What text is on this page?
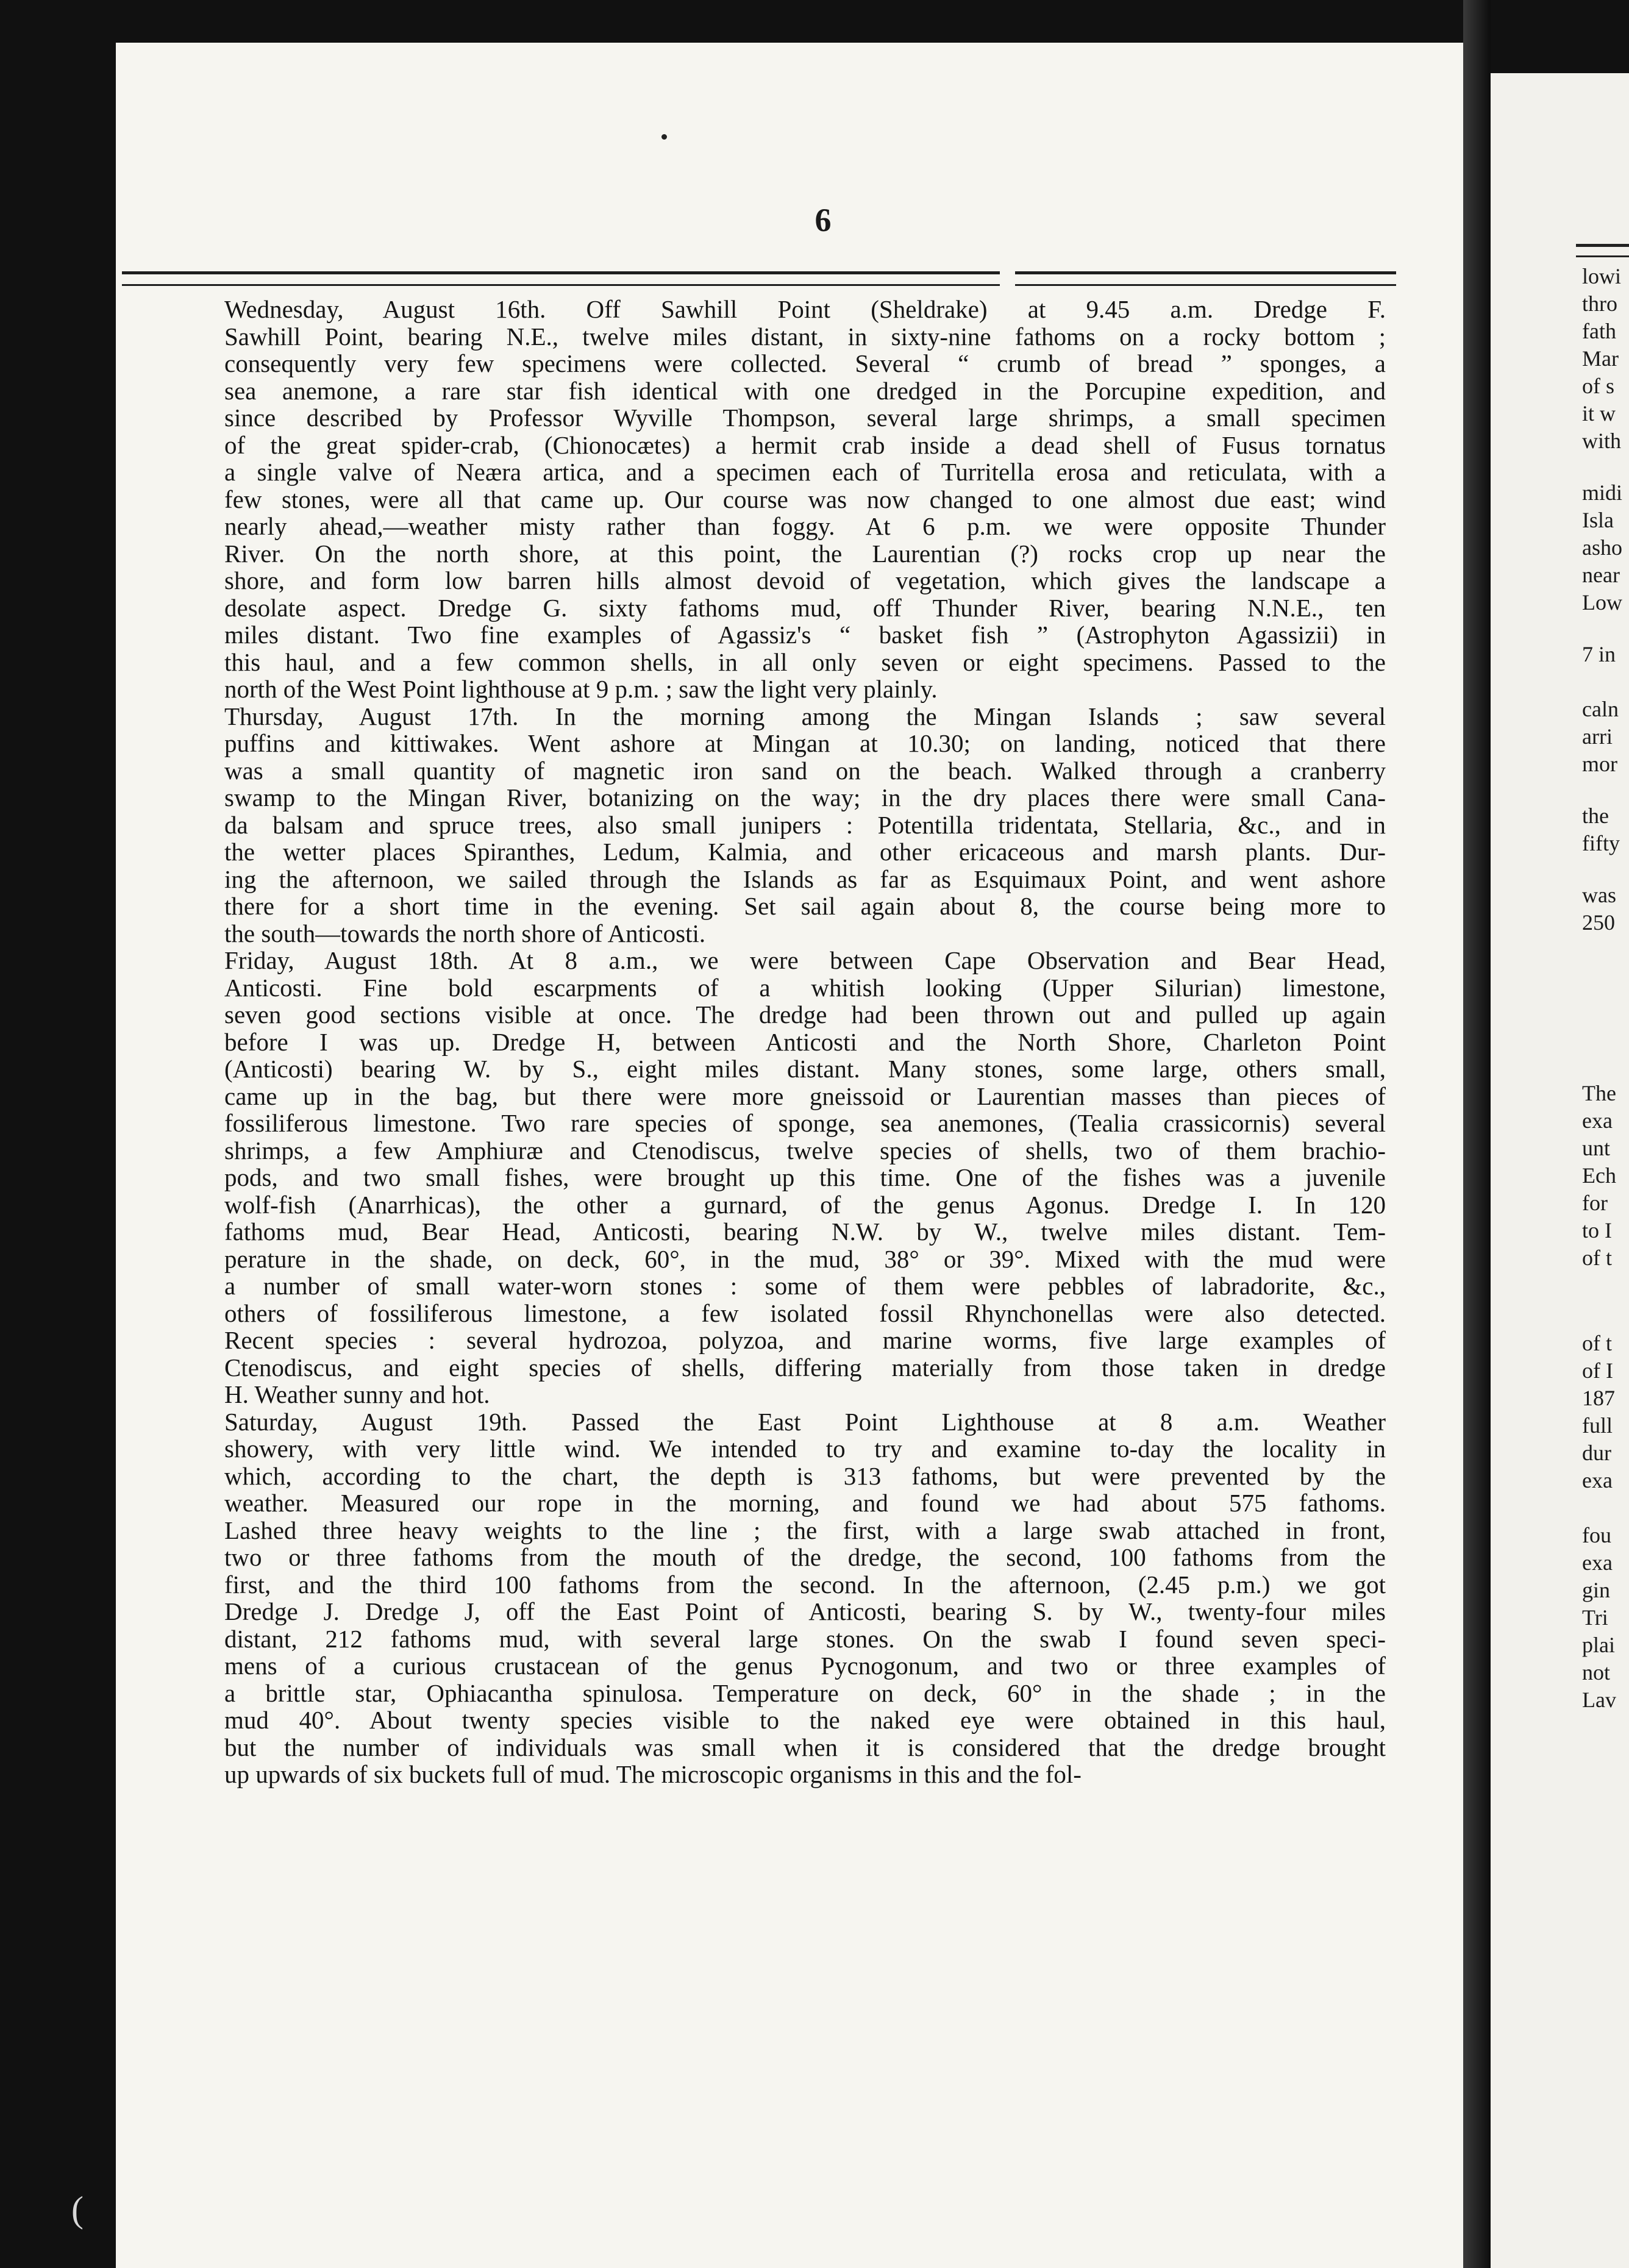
lowi
thro
fath
Mar
of s
it w
with
midi
Isla
asho
near
Low
7 in
caln
arri
mor
the
fifty
was
250
The
exa
unt
Ech
for
to I
of t
of t
of I
187
full
dur
exa
fou
exa
gin
Tri
plai
not
Lav
6
Wednesday, August 16th. Off Sawhill Point (Sheldrake) at 9.45 a.m. Dredge F.
Sawhill Point, bearing N.E., twelve miles distant, in sixty-nine fathoms on a rocky bottom ;
consequently very few specimens were collected. Several “ crumb of bread ” sponges, a
sea anemone, a rare star fish identical with one dredged in the Porcupine expedition, and
since described by Professor Wyville Thompson, several large shrimps, a small specimen
of the great spider-crab, (Chionocætes) a hermit crab inside a dead shell of Fusus tornatus
a single valve of Neæra artica, and a specimen each of Turritella erosa and reticulata, with a
few stones, were all that came up. Our course was now changed to one almost due east; wind
nearly ahead,—weather misty rather than foggy. At 6 p.m. we were opposite Thunder
River. On the north shore, at this point, the Laurentian (?) rocks crop up near the
shore, and form low barren hills almost devoid of vegetation, which gives the landscape a
desolate aspect. Dredge G. sixty fathoms mud, off Thunder River, bearing N.N.E., ten
miles distant. Two fine examples of Agassiz's “ basket fish ” (Astrophyton Agassizii) in
this haul, and a few common shells, in all only seven or eight specimens. Passed to the
north of the West Point lighthouse at 9 p.m. ; saw the light very plainly.
Thursday, August 17th. In the morning among the Mingan Islands ; saw several
puffins and kittiwakes. Went ashore at Mingan at 10.30; on landing, noticed that there
was a small quantity of magnetic iron sand on the beach. Walked through a cranberry
swamp to the Mingan River, botanizing on the way; in the dry places there were small Cana-
da balsam and spruce trees, also small junipers : Potentilla tridentata, Stellaria, &c., and in
the wetter places Spiranthes, Ledum, Kalmia, and other ericaceous and marsh plants. Dur-
ing the afternoon, we sailed through the Islands as far as Esquimaux Point, and went ashore
there for a short time in the evening. Set sail again about 8, the course being more to
the south—towards the north shore of Anticosti.
Friday, August 18th. At 8 a.m., we were between Cape Observation and Bear Head,
Anticosti. Fine bold escarpments of a whitish looking (Upper Silurian) limestone,
seven good sections visible at once. The dredge had been thrown out and pulled up again
before I was up. Dredge H, between Anticosti and the North Shore, Charleton Point
(Anticosti) bearing W. by S., eight miles distant. Many stones, some large, others small,
came up in the bag, but there were more gneissoid or Laurentian masses than pieces of
fossiliferous limestone. Two rare species of sponge, sea anemones, (Tealia crassicornis) several
shrimps, a few Amphiuræ and Ctenodiscus, twelve species of shells, two of them brachio-
pods, and two small fishes, were brought up this time. One of the fishes was a juvenile
wolf-fish (Anarrhicas), the other a gurnard, of the genus Agonus. Dredge I. In 120
fathoms mud, Bear Head, Anticosti, bearing N.W. by W., twelve miles distant. Tem-
perature in the shade, on deck, 60°, in the mud, 38° or 39°. Mixed with the mud were
a number of small water-worn stones : some of them were pebbles of labradorite, &c.,
others of fossiliferous limestone, a few isolated fossil Rhynchonellas were also detected.
Recent species : several hydrozoa, polyzoa, and marine worms, five large examples of
Ctenodiscus, and eight species of shells, differing materially from those taken in dredge
H. Weather sunny and hot.
Saturday, August 19th. Passed the East Point Lighthouse at 8 a.m. Weather
showery, with very little wind. We intended to try and examine to-day the locality in
which, according to the chart, the depth is 313 fathoms, but were prevented by the
weather. Measured our rope in the morning, and found we had about 575 fathoms.
Lashed three heavy weights to the line ; the first, with a large swab attached in front,
two or three fathoms from the mouth of the dredge, the second, 100 fathoms from the
first, and the third 100 fathoms from the second. In the afternoon, (2.45 p.m.) we got
Dredge J. Dredge J, off the East Point of Anticosti, bearing S. by W., twenty-four miles
distant, 212 fathoms mud, with several large stones. On the swab I found seven speci-
mens of a curious crustacean of the genus Pycnogonum, and two or three examples of
a brittle star, Ophiacantha spinulosa. Temperature on deck, 60° in the shade ; in the
mud 40°. About twenty species visible to the naked eye were obtained in this haul,
but the number of individuals was small when it is considered that the dredge brought
up upwards of six buckets full of mud. The microscopic organisms in this and the fol-
(
